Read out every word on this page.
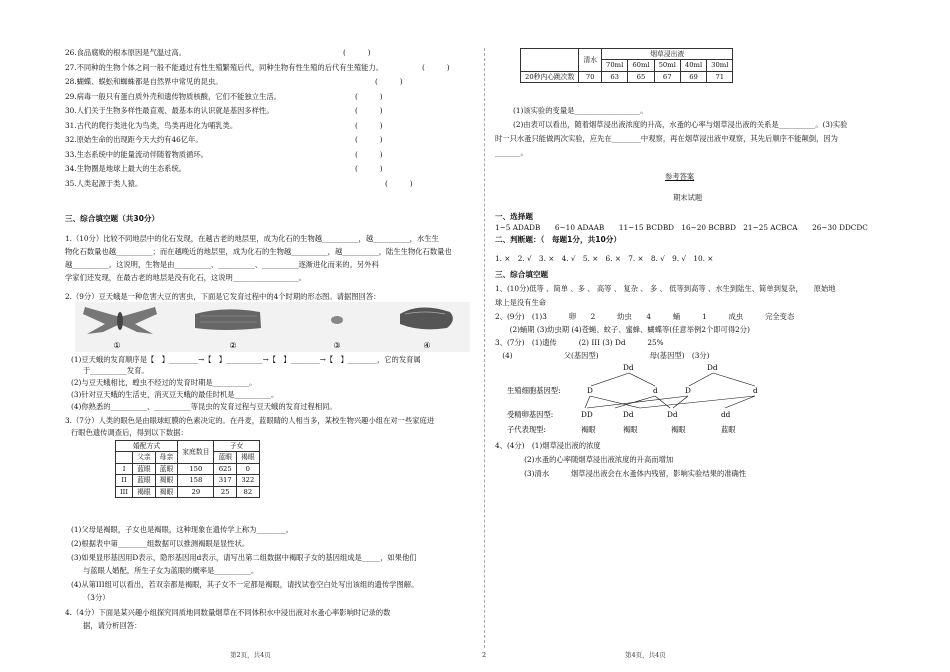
26.食品腐败的根本原因是气温过高。	(　　　)
27.不同种的生物个体之间一般不能通过有性生殖繁殖后代，同种生物有性生殖的后代有生殖能力。	(　　　)
28.蝴蝶、蜈蚣和蜘蛛都是自然界中常见的昆虫。	(　　　)
29.病毒一般只有蛋白质外壳和遗传物质核酸，它们不能独立生活。	(　　　)
30.人们关于生物多样性最直观、最基本的认识就是基因多样性。	(　　　)
31.古代的爬行类进化为鸟类，鸟类再进化为哺乳类。	(　　　)
32.原始生命的出现距今天大约有46亿年。	(　　　)
33.生态系统中的能量流动伴随着物质循环。	(　　　)
34.生物圈是地球上最大的生态系统。	(　　　)
35.人类起源于类人猿。	(　　　)
三、综合填空题（共30分）
1.（10分）比较不同地层中的化石发现，在越古老的地层里，成为化石的生物越__________，越__________，水生生
物化石数量也越__________；而在越晚近的地层里，成为化石的生物越__________，越__________，陆生生物化石数量也
越__________。这说明，生物是由__________、__________、__________逐渐进化而来的。另外科
学家们还发现，在最古老的地层是没有化石，这说明__________________。
2.（9分）豆天蛾是一种危害大豆的害虫，下面是它发育过程中的4个时期的形态图。请据图回答：
①	②	③	④
(1)豆天蛾的发育顺序是【　】________→【　】__________→【　】________→【　】________，它的发育属
于__________发育。
(2)与豆天蛾相比，蝗虫不经过的发育时期是__________。
(3)针对豆天蛾的生活史，消灭豆天蛾的最佳时机是__________。
(4)你熟悉的__________、__________等昆虫的发育过程与豆天蛾的发育过程相同。
3.（7分）人类的眼色是由眼球虹膜的色素决定的。在丹麦，蓝眼睛的人相当多，某校生物兴趣小组在对一些家庭进
行眼色遗传调查后，得到以下数据：
婚配方式			家庭数目	子女	
	父亲	母亲		蓝眼	褐眼
I	蓝眼	蓝眼	150	625	0
II	蓝眼	褐眼	158	317	322
III	褐眼	褐眼	29	25	82
(1)父母是褐眼，子女也是褐眼，这种现象在遗传学上称为________。
(2)根据表中第________组数据可以推测褐眼是显性状。
(3)如果显形基因用D表示，隐形基因用d表示，请写出第二组数据中褐眼子女的基因组成是_____，如果他们
与蓝眼人婚配，所生子女为蓝眼的概率是__________。
(4)从第III组可以看出，若双亲都是褐眼，其子女不一定都是褐眼，请找试卷空白处写出该组的遗传学图解。
（3分）
4.（4分）下面是某兴趣小组探究同质地同数量烟草在不同体积水中浸出液对水蚤心率影响时记录的数
据，请分析回答：
	清水	烟草浸出液				
		70ml	60ml	50ml	40ml	30ml
20秒内心跳次数	70	63	65	67	69	71
(1)该实验的变量是__________________。
(2)由表可以看出，随着烟草浸出液浓度的升高，水蚤的心率与烟草浸出液的关系是__________。(3)实验
时一只水蚤只能做两次实验，应先在________中观察，再在烟草浸出液中观察，其先后顺序不能颠倒，因为
_______。
参考答案
期末试题
一、选择题
1~5 ADADB　　6~10 ADAAB　　11~15 BCDBD　16~20 BCBBD　21~25 ACBCA　　26~30 DDCDC
二、判断题：（　每题1分，共10分）
1. ×　2. √　3. ×　4. √　5. ×　6. ×　7. ×　8. √　9. √　10. ×
三、综合填空题
1、(10分)低等 、简单 、多 、 高等 、 复杂 、 多 、 低等到高等 、水生到陆生、简单到复杂，　　原始地
球上是没有生命
2、(9分)　(1)3　　　卵　　2　　　幼虫　　4　　　蛹　　　1　　　成虫　　　完全变态
　　(2)蛹期 (3)幼虫期 (4)苍蝇、蚊子、蜜蜂、蝴蝶等(任意举例2个即可得2分)
3、(7分)　(1)遗传　　　(2) III (3) Dd　　　25%
　(4)　　　　　　　父(基因型)　　　　　　　母(基因型)　(3分)
Dd	Dd
生殖细胞基因型:	D	d	D	d
受精卵基因型:	DD	Dd	Dd	dd
子代表现型:	褐眼	褐眼	褐眼	蓝眼
4、(4分)　(1)烟草浸出液的浓度
　　　　(2)水蚤的心率随烟草浸出液浓度的升高而增加
　　　　(3)清水　　　烟草浸出液会在水蚤体内残留，影响实验结果的准确性
第2页，共4页	2	第4页，共4页
